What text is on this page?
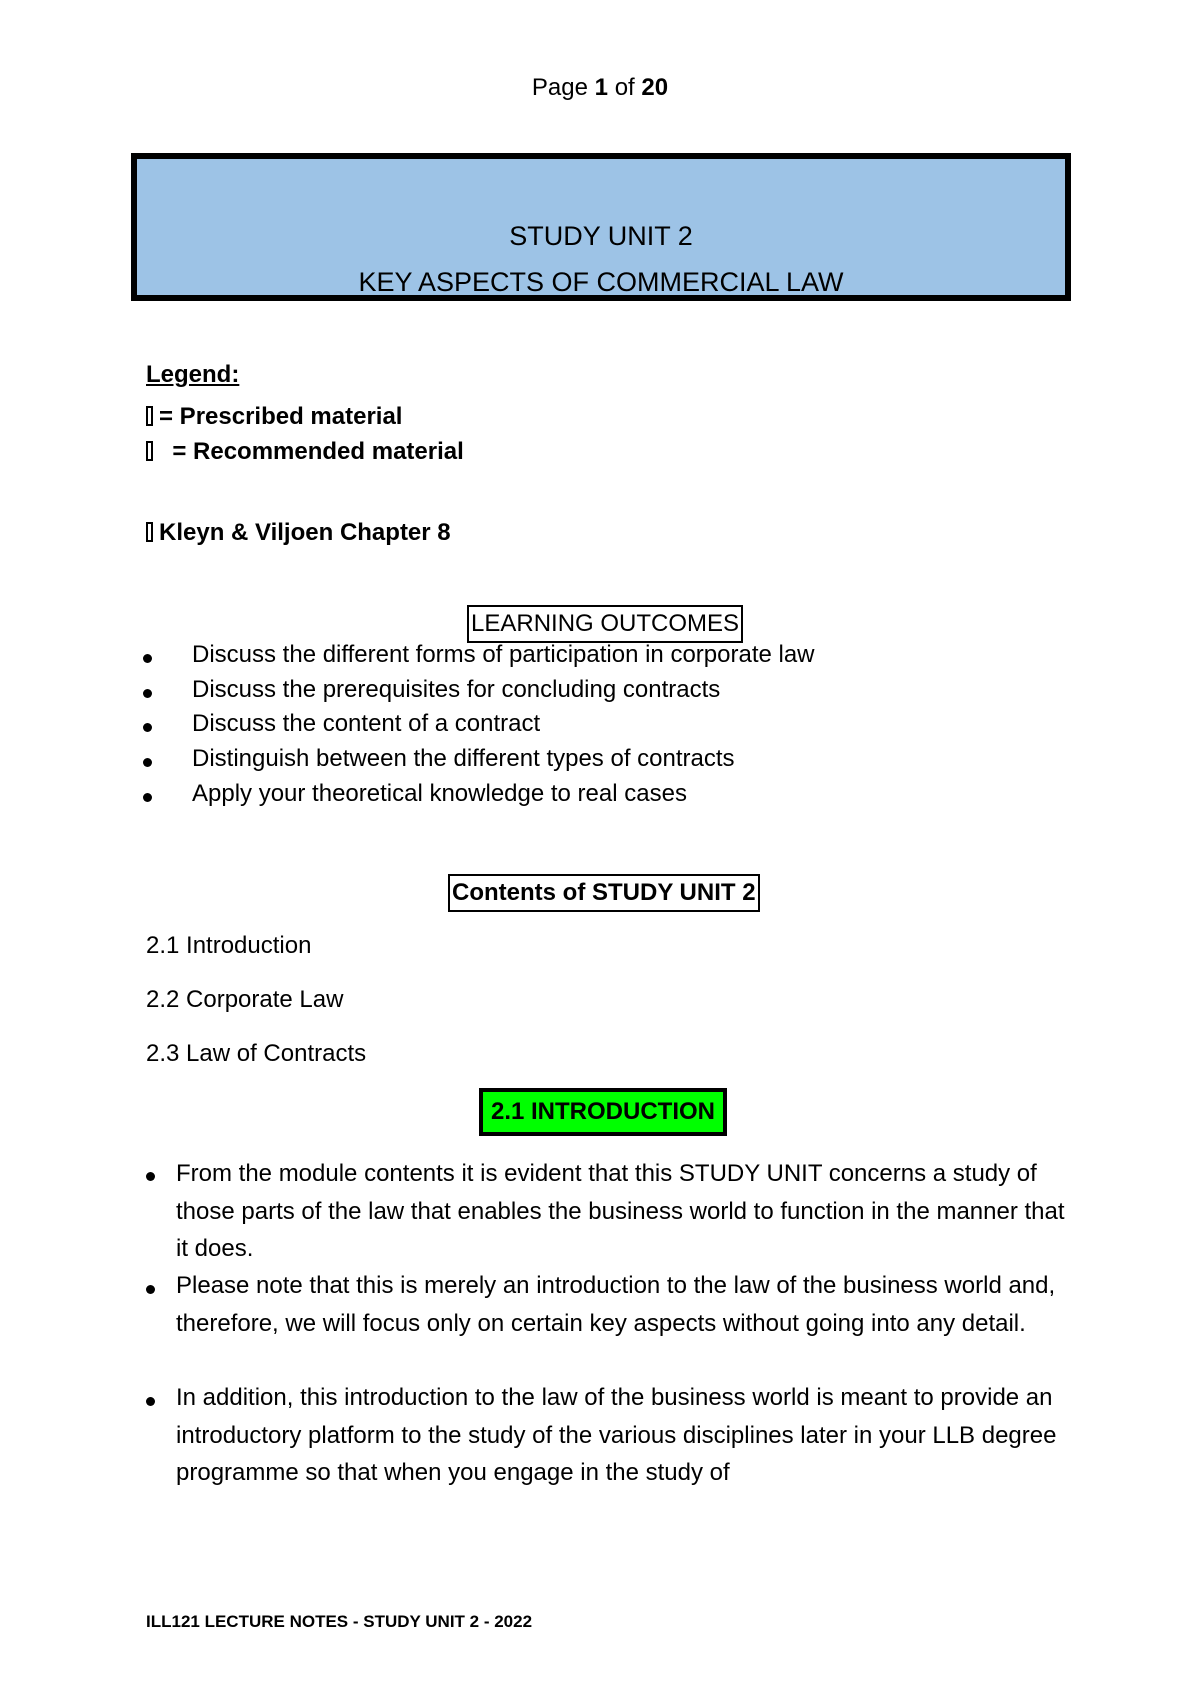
Page 1 of 20
STUDY UNIT 2
KEY ASPECTS OF COMMERCIAL LAW
Legend:
= Prescribed material
= Recommended material
Kleyn & Viljoen Chapter 8
LEARNING OUTCOMES
Discuss the different forms of participation in corporate law
Discuss the prerequisites for concluding contracts
Discuss the content of a contract
Distinguish between the different types of contracts
Apply your theoretical knowledge to real cases
Contents of STUDY UNIT 2
2.1 Introduction
2.2 Corporate Law
2.3 Law of Contracts
2.1 INTRODUCTION
From the module contents it is evident that this STUDY UNIT concerns a study of those parts of the law that enables the business world to function in the manner that it does.
Please note that this is merely an introduction to the law of the business world and, therefore, we will focus only on certain key aspects without going into any detail.
In addition, this introduction to the law of the business world is meant to provide an introductory platform to the study of the various disciplines later in your LLB degree programme so that when you engage in the study of
ILL121 LECTURE NOTES - STUDY UNIT 2 - 2022
